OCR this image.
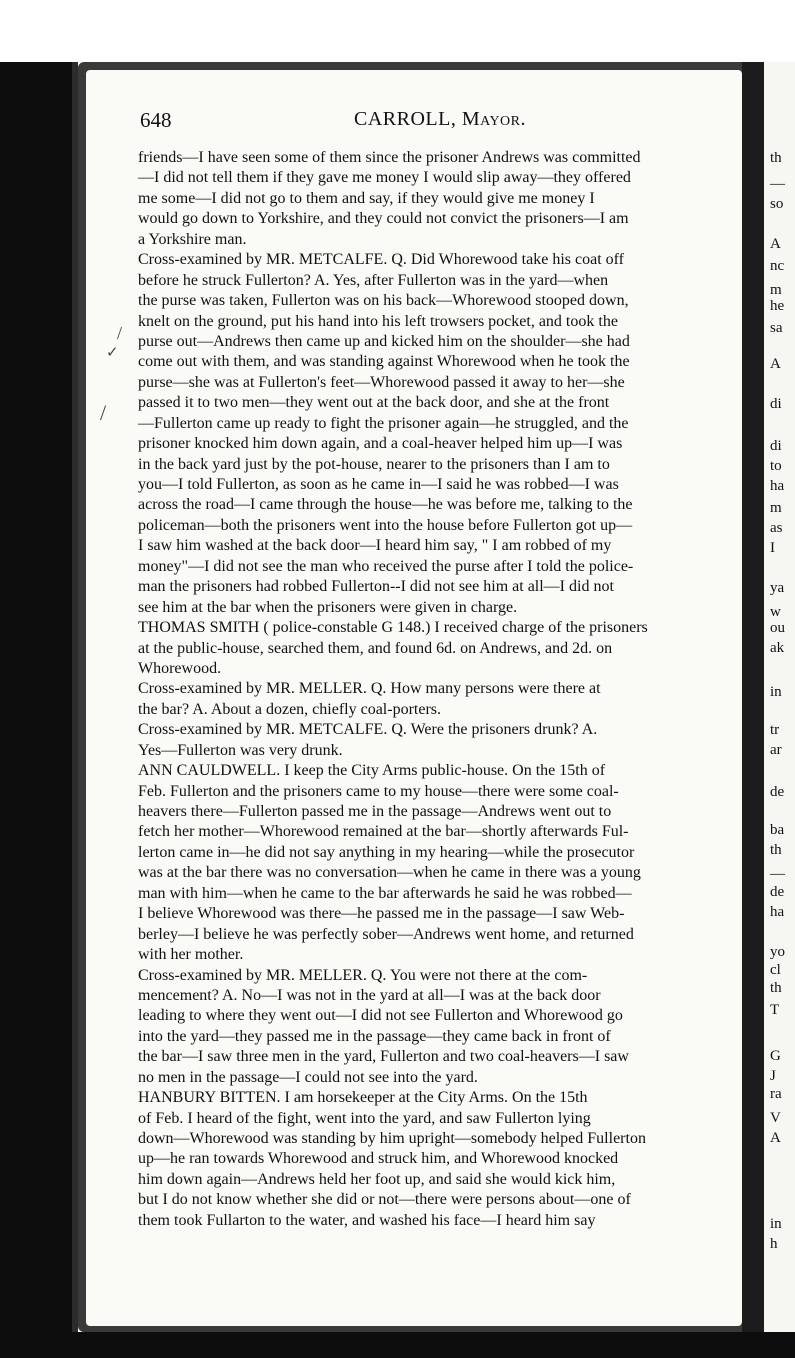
th
—
so
A
nc
m
he
sa
A
di
di
to
ha
m
as
I
ya
w
ou
ak
in
tr
ar
de
ba
th
—
de
ha
yo
cl
th
T
G
J
ra
V
A
in
h
648	CARROLL, Mayor.
/
✓
/
friends—I have seen some of them since the prisoner Andrews was committed
—I did not tell them if they gave me money I would slip away—they offered
me some—I did not go to them and say, if they would give me money I
would go down to Yorkshire, and they could not convict the prisoners—I am
a Yorkshire man.
Cross-examined by MR. METCALFE. Q. Did Whorewood take his coat off
before he struck Fullerton? A. Yes, after Fullerton was in the yard—when
the purse was taken, Fullerton was on his back—Whorewood stooped down,
knelt on the ground, put his hand into his left trowsers pocket, and took the
purse out—Andrews then came up and kicked him on the shoulder—she had
come out with them, and was standing against Whorewood when he took the
purse—she was at Fullerton's feet—Whorewood passed it away to her—she
passed it to two men—they went out at the back door, and she at the front
—Fullerton came up ready to fight the prisoner again—he struggled, and the
prisoner knocked him down again, and a coal-heaver helped him up—I was
in the back yard just by the pot-house, nearer to the prisoners than I am to
you—I told Fullerton, as soon as he came in—I said he was robbed—I was
across the road—I came through the house—he was before me, talking to the
policeman—both the prisoners went into the house before Fullerton got up—
I saw him washed at the back door—I heard him say, " I am robbed of my
money"—I did not see the man who received the purse after I told the police-
man the prisoners had robbed Fullerton--I did not see him at all—I did not
see him at the bar when the prisoners were given in charge.
THOMAS SMITH ( police-constable G 148.) I received charge of the prisoners
at the public-house, searched them, and found 6d. on Andrews, and 2d. on
Whorewood.
Cross-examined by MR. MELLER. Q. How many persons were there at
the bar? A. About a dozen, chiefly coal-porters.
Cross-examined by MR. METCALFE. Q. Were the prisoners drunk? A.
Yes—Fullerton was very drunk.
ANN CAULDWELL. I keep the City Arms public-house. On the 15th of
Feb. Fullerton and the prisoners came to my house—there were some coal-
heavers there—Fullerton passed me in the passage—Andrews went out to
fetch her mother—Whorewood remained at the bar—shortly afterwards Ful-
lerton came in—he did not say anything in my hearing—while the prosecutor
was at the bar there was no conversation—when he came in there was a young
man with him—when he came to the bar afterwards he said he was robbed—
I believe Whorewood was there—he passed me in the passage—I saw Web-
berley—I believe he was perfectly sober—Andrews went home, and returned
with her mother.
Cross-examined by MR. MELLER. Q. You were not there at the com-
mencement? A. No—I was not in the yard at all—I was at the back door
leading to where they went out—I did not see Fullerton and Whorewood go
into the yard—they passed me in the passage—they came back in front of
the bar—I saw three men in the yard, Fullerton and two coal-heavers—I saw
no men in the passage—I could not see into the yard.
HANBURY BITTEN. I am horsekeeper at the City Arms. On the 15th
of Feb. I heard of the fight, went into the yard, and saw Fullerton lying
down—Whorewood was standing by him upright—somebody helped Fullerton
up—he ran towards Whorewood and struck him, and Whorewood knocked
him down again—Andrews held her foot up, and said she would kick him,
but I do not know whether she did or not—there were persons about—one of
them took Fullarton to the water, and washed his face—I heard him say
